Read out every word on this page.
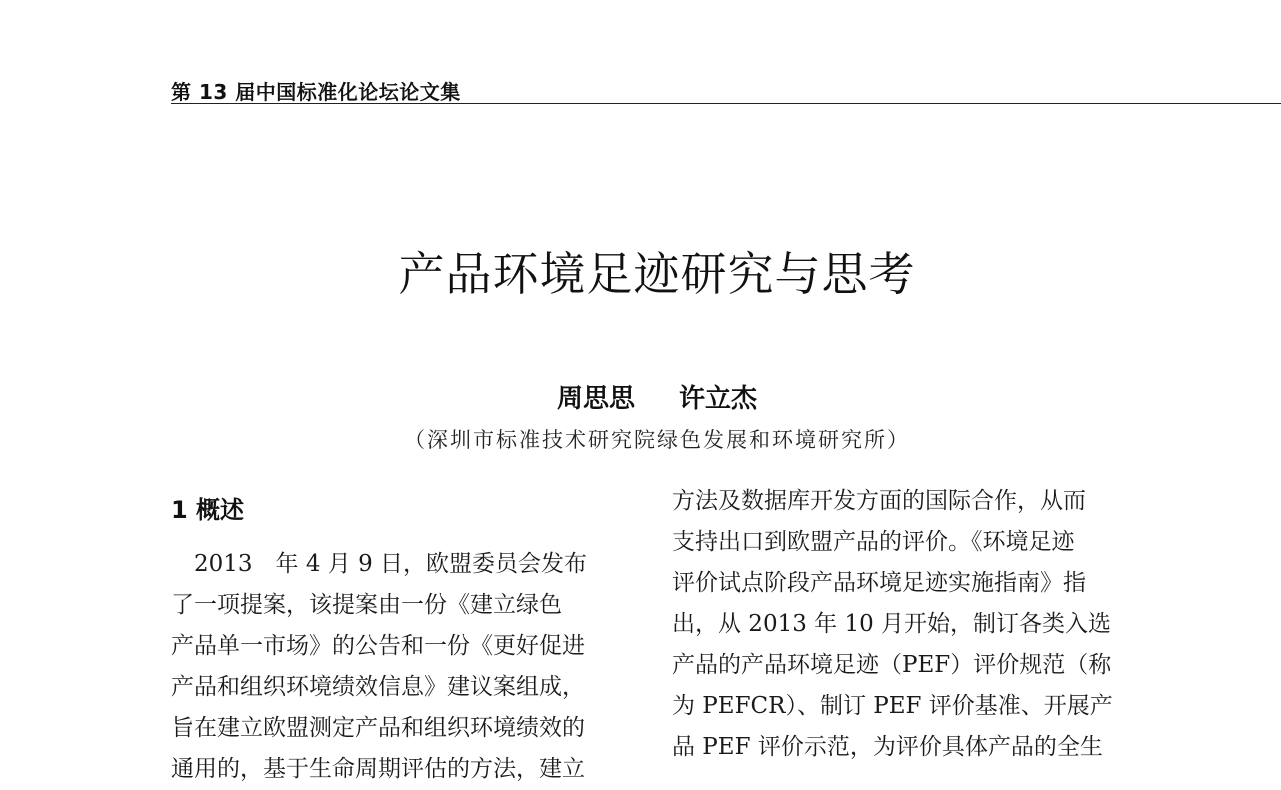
第 13 届中国标准化论坛论文集
产品环境足迹研究与思考
周思思 许立杰
（深圳市标准技术研究院绿色发展和环境研究所）
1 概述
　2013　年 4 月 9 日，欧盟委员会发布
了一项提案，该提案由一份《建立绿色
产品单一市场》的公告和一份《更好促进
产品和组织环境绩效信息》建议案组成，
旨在建立欧盟测定产品和组织环境绩效的
通用的，基于生命周期评估的方法，建立
方法及数据库开发方面的国际合作，从而
支持出口到欧盟产品的评价。《环境足迹
评价试点阶段产品环境足迹实施指南》指
出，从 2013 年 10 月开始，制订各类入选
产品的产品环境足迹（PEF）评价规范（称
为 PEFCR）、制订 PEF 评价基准、开展产
品 PEF 评价示范，为评价具体产品的全生
